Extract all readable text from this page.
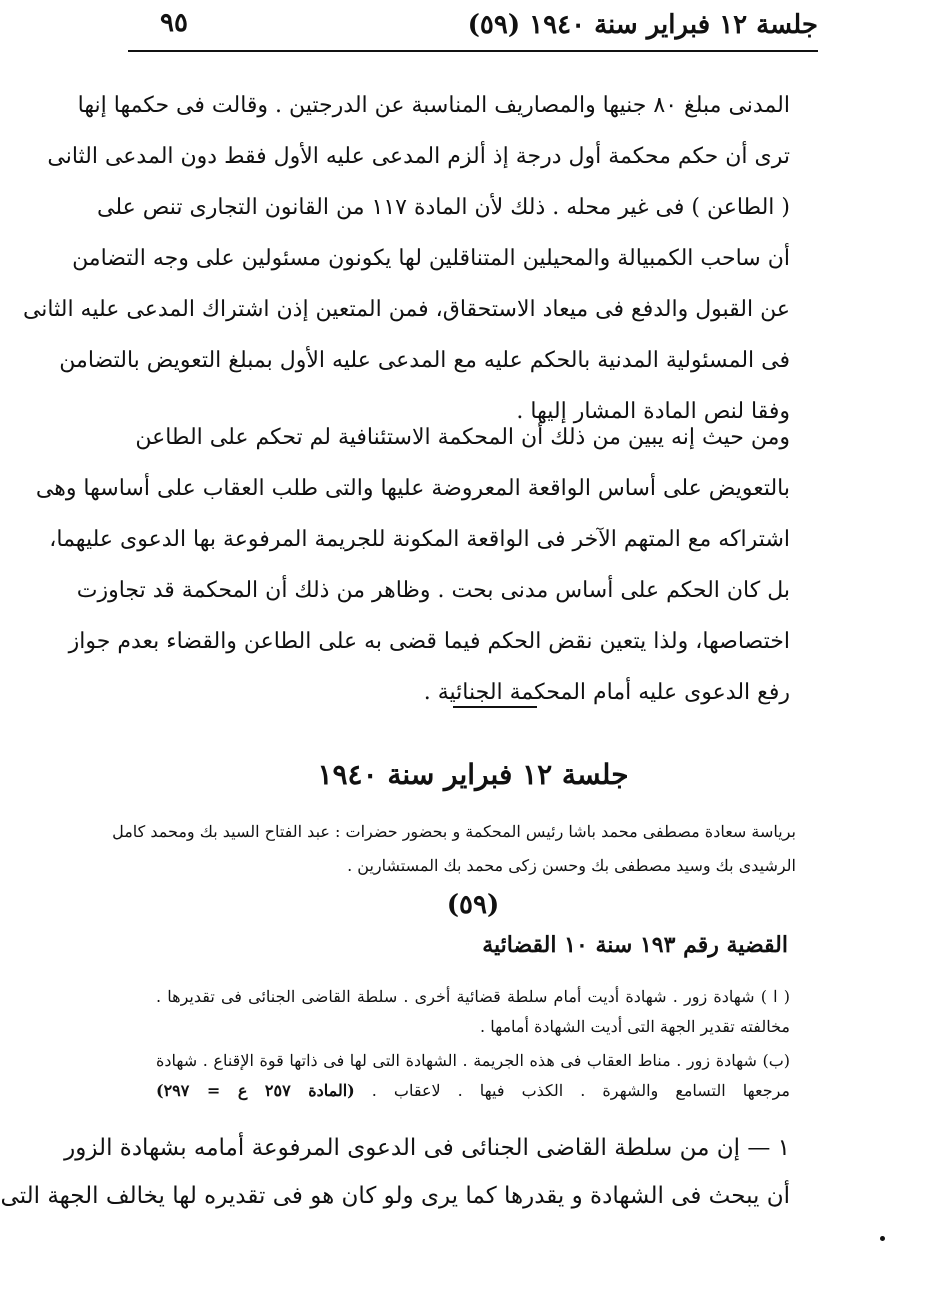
٩٥	جلسة ١٢ فبراير سنة ١٩٤٠ (٥٩)
المدنى مبلغ ٨٠ جنيها والمصاريف المناسبة عن الدرجتين . وقالت فى حكمها إنها
ترى أن حكم محكمة أول درجة إذ ألزم المدعى عليه الأول فقط دون المدعى الثانى
( الطاعن ) فى غير محله . ذلك لأن المادة ١١٧ من القانون التجارى تنص على
أن ساحب الكمبيالة والمحيلين المتناقلين لها يكونون مسئولين على وجه التضامن
عن القبول والدفع فى ميعاد الاستحقاق، فمن المتعين إذن اشتراك المدعى عليه الثانى
فى المسئولية المدنية بالحكم عليه مع المدعى عليه الأول بمبلغ التعويض بالتضامن
وفقا لنص المادة المشار إليها .
ومن حيث إنه يبين من ذلك أن المحكمة الاستئنافية لم تحكم على الطاعن
بالتعويض على أساس الواقعة المعروضة عليها والتى طلب العقاب على أساسها وهى
اشتراكه مع المتهم الآخر فى الواقعة المكونة للجريمة المرفوعة بها الدعوى عليهما،
بل كان الحكم على أساس مدنى بحت . وظاهر من ذلك أن المحكمة قد تجاوزت
اختصاصها، ولذا يتعين نقض الحكم فيما قضى به على الطاعن والقضاء بعدم جواز
رفع الدعوى عليه أمام المحكمة الجنائية .
جلسة ١٢ فبراير سنة ١٩٤٠
برياسة سعادة مصطفى محمد باشا رئيس المحكمة و بحضور حضرات : عبد الفتاح السيد بك ومحمد كامل
الرشيدى بك وسيد مصطفى بك وحسن زكى محمد بك المستشارين .
(٥٩)
القضية رقم ١٩٣ سنة ١٠ القضائية
( ا ) شهادة زور . شهادة أديت أمام سلطة قضائية أخرى . سلطة القاضى الجنائى فى تقديرها .
مخالفته تقدير الجهة التى أديت الشهادة أمامها .
(ب) شهادة زور . مناط العقاب فى هذه الجريمة . الشهادة التى لها فى ذاتها قوة الإقناع . شهادة
مرجعها التسامع والشهرة . الكذب فيها . لاعقاب . (المادة ٢٥٧ ع = ٢٩٧)
١ — إن من سلطة القاضى الجنائى فى الدعوى المرفوعة أمامه بشهادة الزور
أن يبحث فى الشهادة و يقدرها كما يرى ولو كان هو فى تقديره لها يخالف الجهة التى
